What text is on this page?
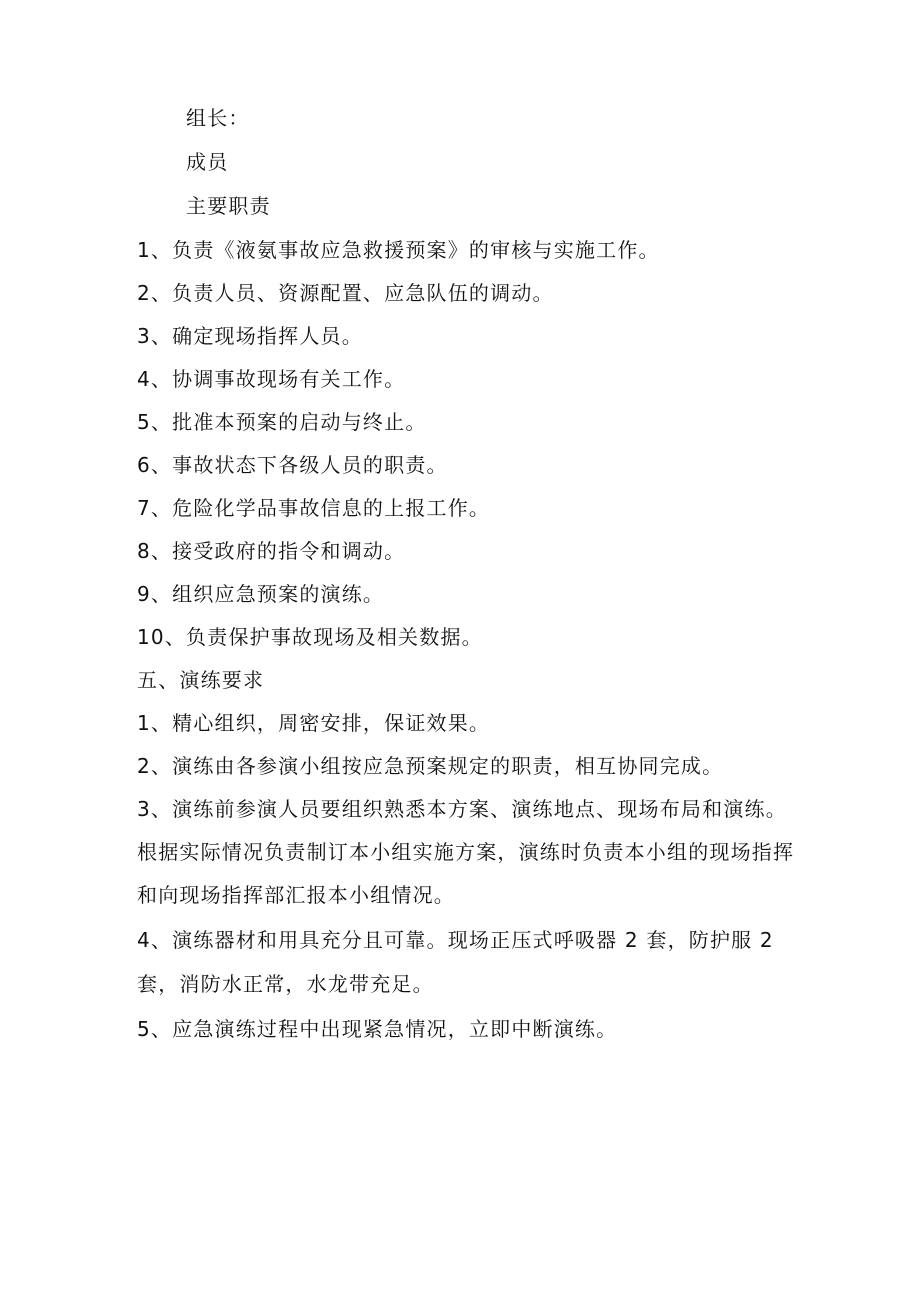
组长：
成员
主要职责
1、负责《液氨事故应急救援预案》的审核与实施工作。
2、负责人员、资源配置、应急队伍的调动。
3、确定现场指挥人员。
4、协调事故现场有关工作。
5、批准本预案的启动与终止。
6、事故状态下各级人员的职责。
7、危险化学品事故信息的上报工作。
8、接受政府的指令和调动。
9、组织应急预案的演练。
10、负责保护事故现场及相关数据。
五、演练要求
1、精心组织，周密安排，保证效果。
2、演练由各参演小组按应急预案规定的职责，相互协同完成。
3、演练前参演人员要组织熟悉本方案、演练地点、现场布局和演练。
根据实际情况负责制订本小组实施方案，演练时负责本小组的现场指挥
和向现场指挥部汇报本小组情况。
4、演练器材和用具充分且可靠。现场正压式呼吸器 2 套，防护服 2
套，消防水正常，水龙带充足。
5、应急演练过程中出现紧急情况，立即中断演练。
